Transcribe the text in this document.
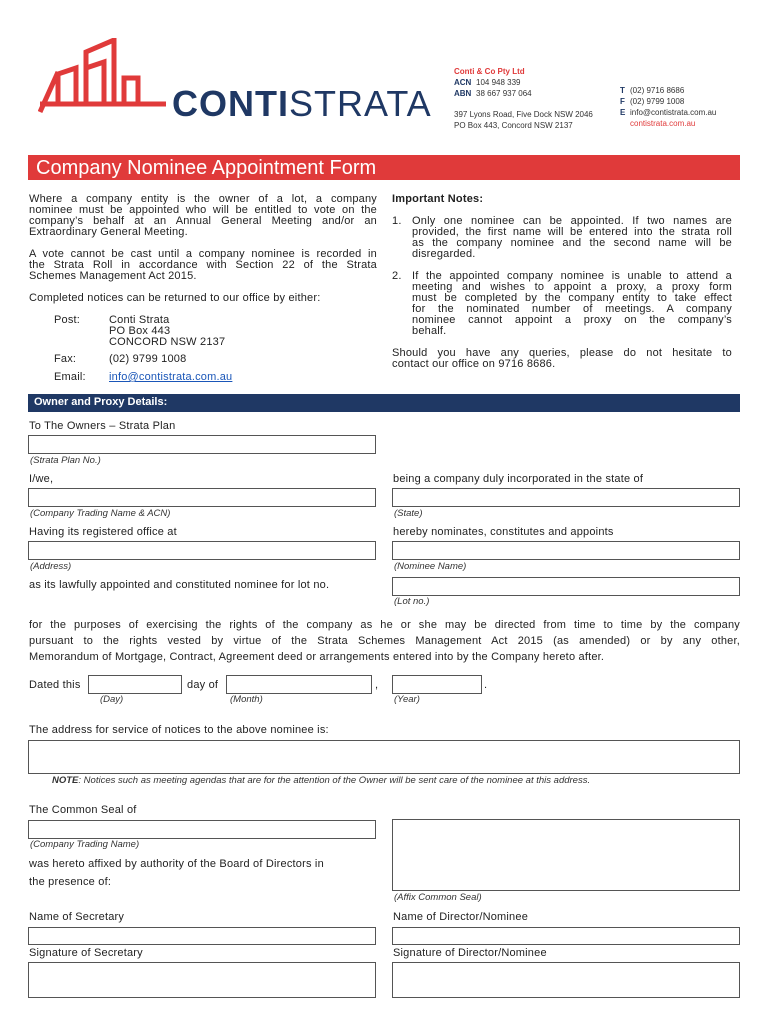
CONTISTRATA
Conti & Co Pty Ltd
ACN 104 948 339
ABN 38 667 937 064
397 Lyons Road, Five Dock NSW 2046
PO Box 443, Concord NSW 2137
T (02) 9716 8686
F (02) 9799 1008
E info@contistrata.com.au
contistrata.com.au
Company Nominee Appointment Form
Where a company entity is the owner of a lot, a company
nominee must be appointed who will be entitled to vote on the
company’s behalf at an Annual General Meeting and/or an
Extraordinary General Meeting.
A vote cannot be cast until a company nominee is recorded in
the Strata Roll in accordance with Section 22 of the Strata
Schemes Management Act 2015.
Completed notices can be returned to our office by either:
Post:	Conti Strata
PO Box 443
CONCORD NSW 2137
Fax:	(02) 9799 1008
Email: info@contistrata.com.au
Important Notes:
1. Only one nominee can be appointed. If two names are
provided, the first name will be entered into the strata roll
as the company nominee and the second name will be
disregarded.
2. If the appointed company nominee is unable to attend a
meeting and wishes to appoint a proxy, a proxy form
must be completed by the company entity to take effect
for the nominated number of meetings. A company
nominee cannot appoint a proxy on the company’s
behalf.
Should you have any queries, please do not hesitate to
contact our office on 9716 8686.
Owner and Proxy Details:
To The Owners – Strata Plan
(Strata Plan No.)
I/we,	being a company duly incorporated in the state of
(Company Trading Name & ACN)	(State)
Having its registered office at	hereby nominates, constitutes and appoints
(Address)	(Nominee Name)
as its lawfully appointed and constituted nominee for lot no.
(Lot no.)
for the purposes of exercising the rights of the company as he or she may be directed from time to time by the company
pursuant to the rights vested by virtue of the Strata Schemes Management Act 2015 (as amended) or by any other,
Memorandum of Mortgage, Contract, Agreement deed or arrangements entered into by the Company hereto after.
Dated this	day of	,	.
(Day)	(Month)	(Year)
The address for service of notices to the above nominee is:
NOTE: Notices such as meeting agendas that are for the attention of the Owner will be sent care of the nominee at this address.
The Common Seal of
(Company Trading Name)
(Affix Common Seal)
was hereto affixed by authority of the Board of Directors in
the presence of:
Name of Secretary	Name of Director/Nominee
Signature of Secretary	Signature of Director/Nominee
